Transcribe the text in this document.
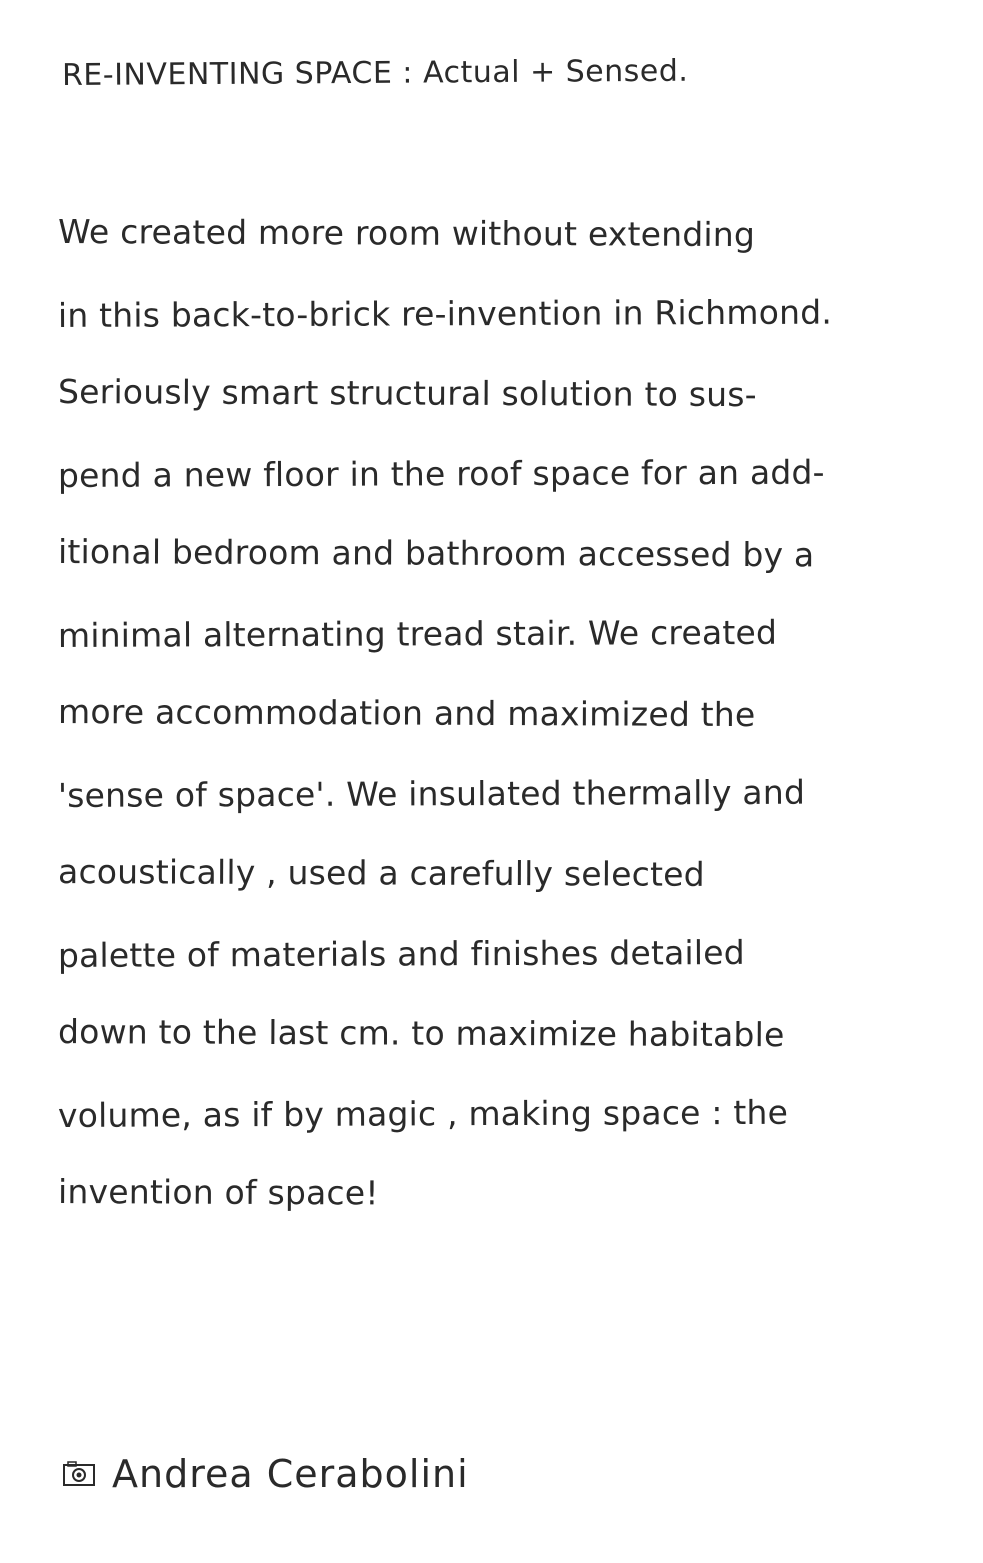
RE-INVENTING SPACE : Actual + Sensed.
We created more room without extending
in this back-to-brick re-invention in Richmond.
Seriously smart structural solution to sus-
pend a new floor in the roof space for an add-
itional bedroom and bathroom accessed by a
minimal alternating tread stair. We created
more accommodation and maximized the
'sense of space'. We insulated thermally and
acoustically , used a carefully selected
palette of materials and finishes detailed
down to the last cm. to maximize habitable
volume, as if by magic , making space : the
invention of space!
Andrea Cerabolini
